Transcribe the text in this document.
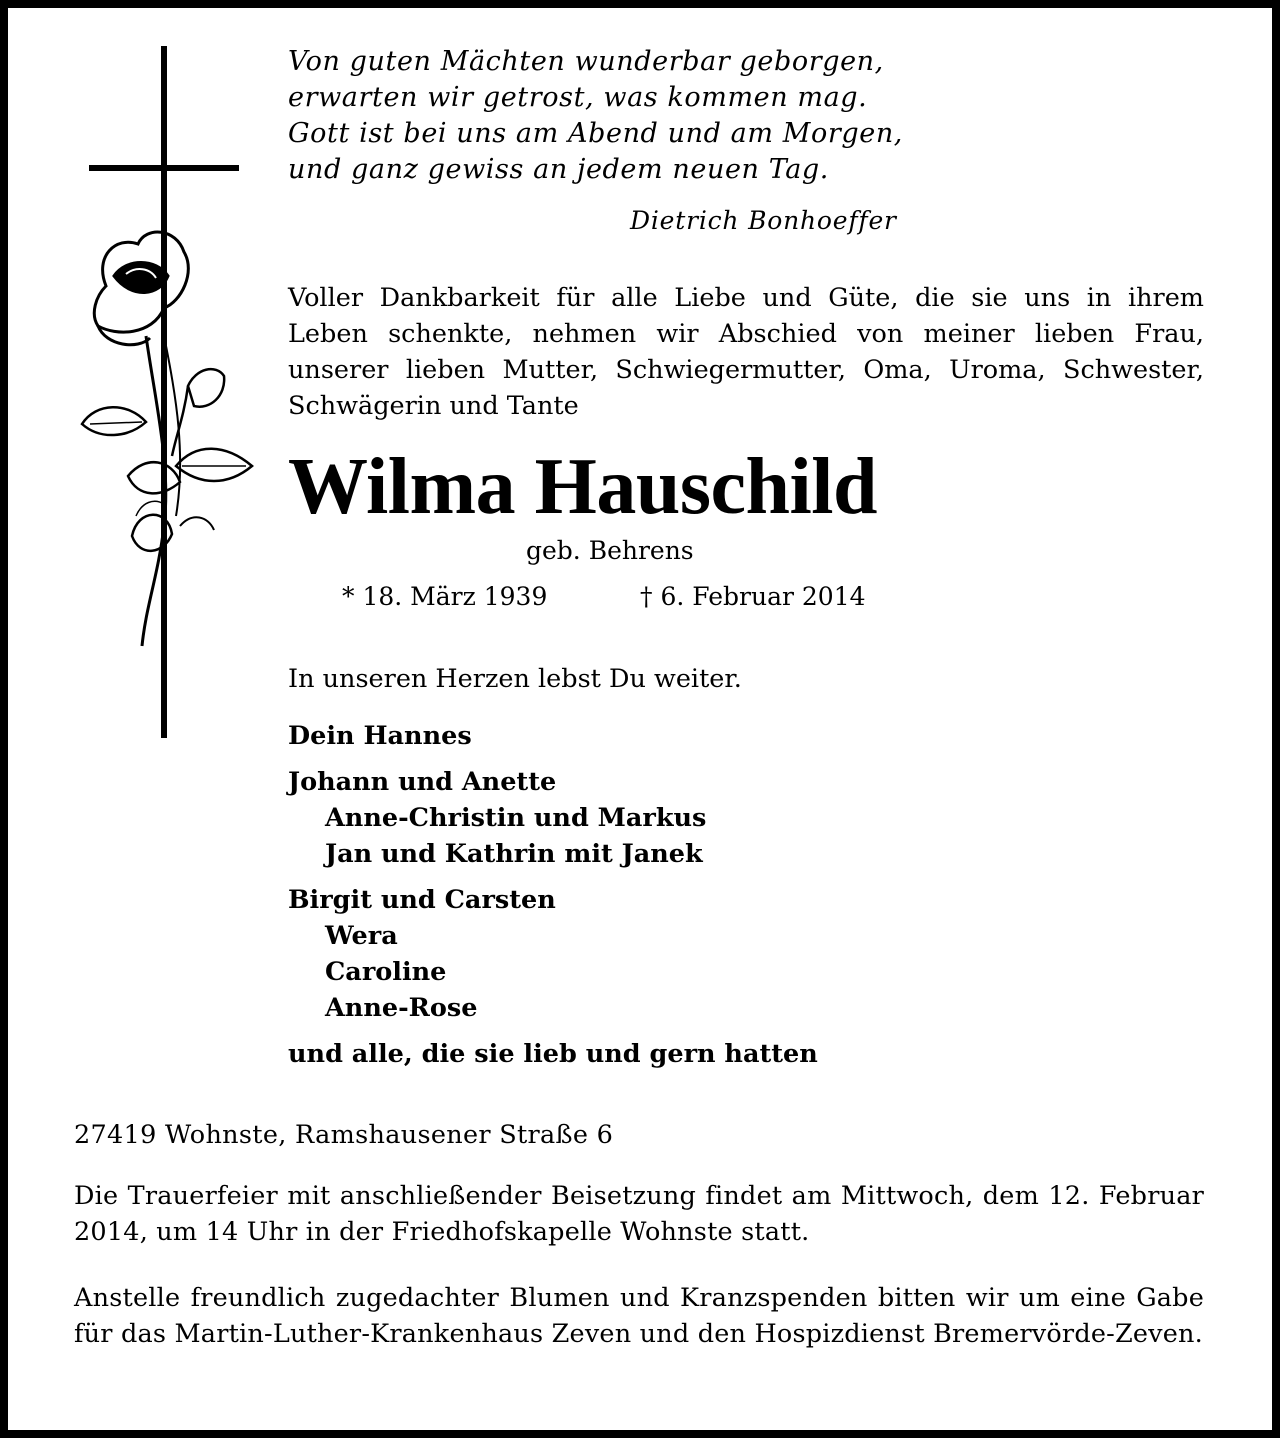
Von guten Mächten wunderbar geborgen,

erwarten wir getrost, was kommen mag.

Gott ist bei uns am Abend und am Morgen,

und ganz gewiss an jedem neuen Tag.

Dietrich Bonhoeffer
Voller Dankbarkeit für alle Liebe und Güte, die sie uns in ihrem
Leben schenkte, nehmen wir Abschied von meiner lieben Frau,
unserer lieben Mutter, Schwiegermutter, Oma, Uroma, Schwester,
Schwägerin und Tante
Wilma Hauschild
geb. Behrens
* 18. März 1939	† 6. Februar 2014
In unseren Herzen lebst Du weiter.
Dein Hannes
Johann und Anette
Anne-Christin und Markus
Jan und Kathrin mit Janek
Birgit und Carsten
Wera
Caroline
Anne-Rose
und alle, die sie lieb und gern hatten
27419 Wohnste, Ramshausener Straße 6
Die Trauerfeier mit anschließender Beisetzung findet am Mittwoch, dem 12. Februar 2014, um 14 Uhr in der Friedhofskapelle Wohnste statt.
Anstelle freundlich zugedachter Blumen und Kranzspenden bitten wir um eine Gabe für das Martin-Luther-Krankenhaus Zeven und den Hospizdienst Bremervörde-Zeven.
